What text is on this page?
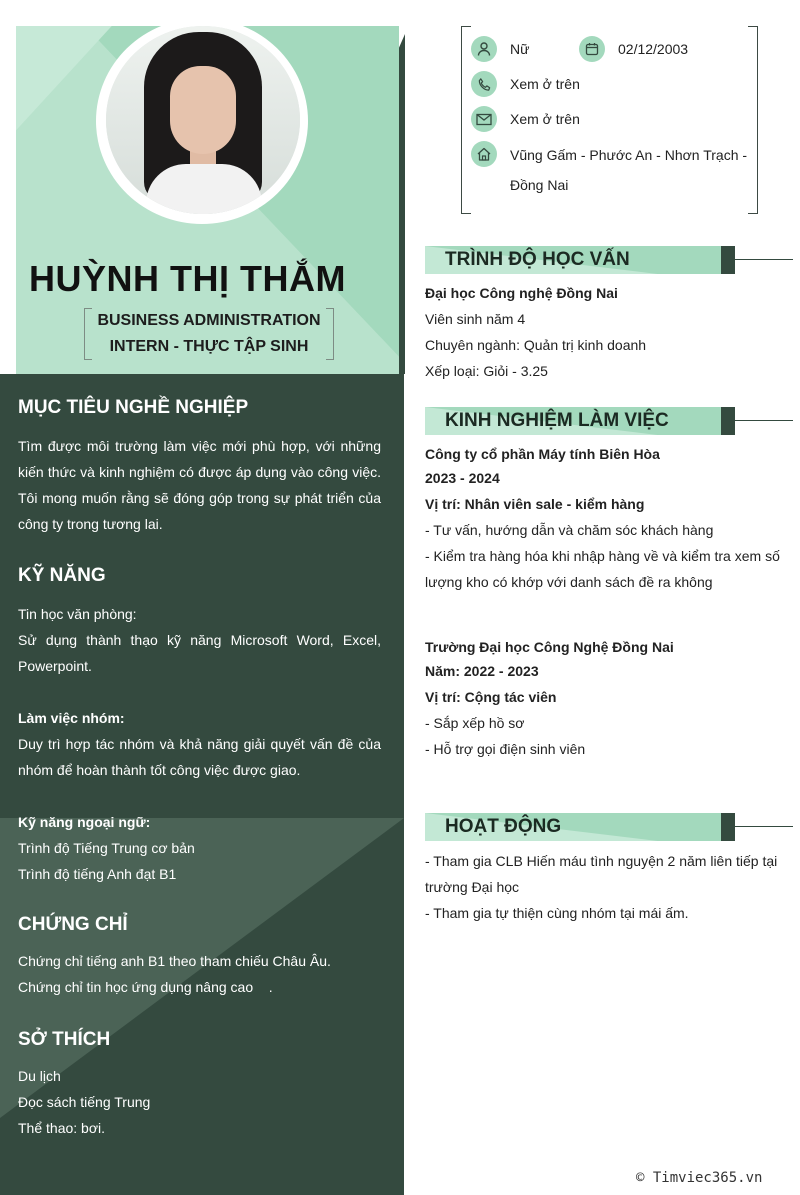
HUỲNH THỊ THẮM
BUSINESS ADMINISTRATION
INTERN - THỰC TẬP SINH
MỤC TIÊU NGHỀ NGHIỆP
Tìm được môi trường làm việc mới phù hợp, với những kiến thức và kinh nghiệm có được áp dụng vào công việc. Tôi mong muốn rằng sẽ đóng góp trong sự phát triển của công ty trong tương lai.
KỸ NĂNG
Tin học văn phòng:
Sử dụng thành thạo kỹ năng Microsoft Word, Excel, Powerpoint.
Làm việc nhóm:
Duy trì hợp tác nhóm và khả năng giải quyết vấn đề của nhóm để hoàn thành tốt công việc được giao.
Kỹ năng ngoại ngữ:
Trình độ Tiếng Trung cơ bản
Trình độ tiếng Anh đạt B1
CHỨNG CHỈ
Chứng chỉ tiếng anh B1 theo tham chiếu Châu Âu.
Chứng chỉ tin học ứng dụng nâng cao    .
SỞ THÍCH
Du lịch
Đọc sách tiếng Trung
Thể thao: bơi.
Nữ	02/12/2003
Xem ở trên
Xem ở trên
Vũng Gấm - Phước An - Nhơn Trạch -
Đồng Nai
TRÌNH ĐỘ HỌC VẤN
Đại học Công nghệ Đồng Nai
Viên sinh năm 4
Chuyên ngành: Quản trị kinh doanh
Xếp loại: Giỏi - 3.25
KINH NGHIỆM LÀM VIỆC
Công ty cổ phần Máy tính Biên Hòa
2023 - 2024
Vị trí: Nhân viên sale - kiểm hàng
- Tư vấn, hướng dẫn và chăm sóc khách hàng
- Kiểm tra hàng hóa khi nhập hàng về và kiểm tra xem số lượng kho có khớp với danh sách đề ra không
Trường Đại học Công Nghệ Đồng Nai
Năm: 2022 - 2023
Vị trí: Cộng tác viên
- Sắp xếp hồ sơ
- Hỗ trợ gọi điện sinh viên
HOẠT ĐỘNG
- Tham gia CLB Hiến máu tình nguyện 2 năm liên tiếp tại trường Đại học
- Tham gia tự thiện cùng nhóm tại mái ấm.
© Timviec365.vn
